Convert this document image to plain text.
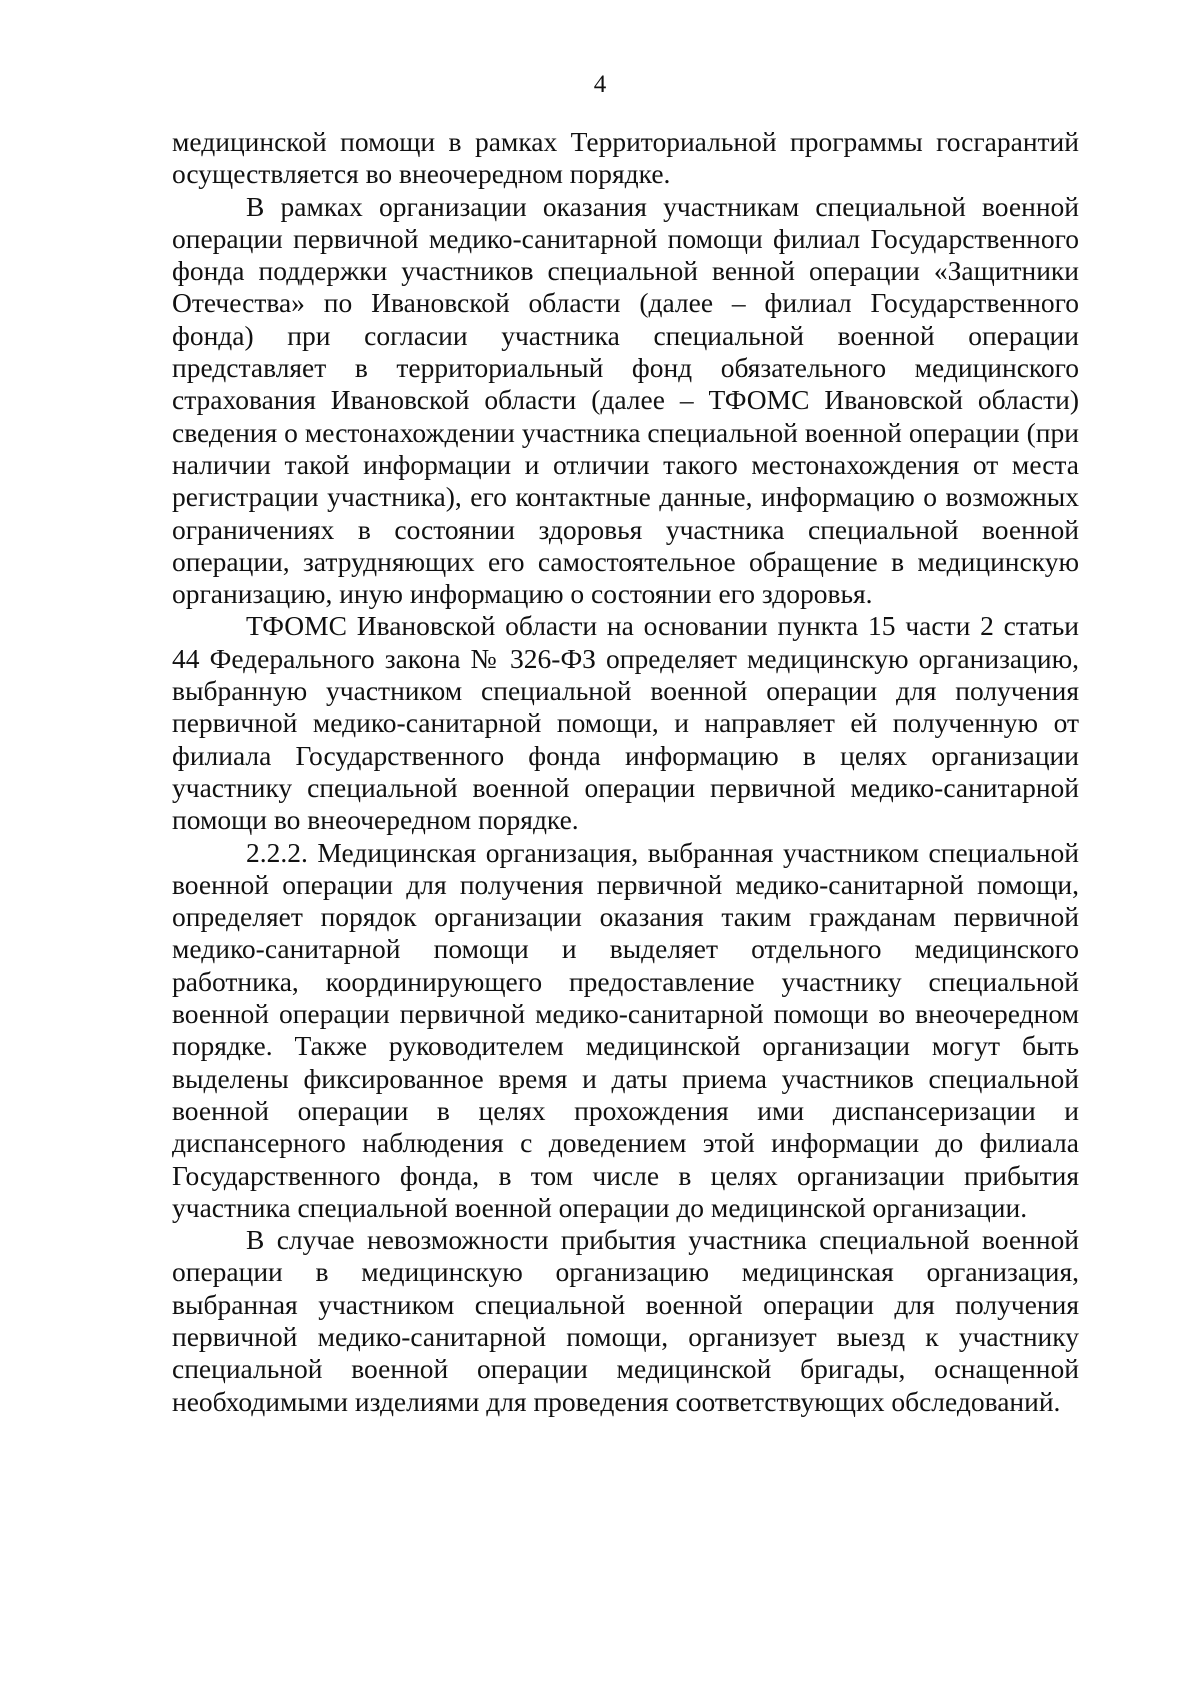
4

медицинской помощи в рамках Территориальной программы госгарантий осуществляется во внеочередном порядке.

В рамках организации оказания участникам специальной военной операции первичной медико-санитарной помощи филиал Государственного фонда поддержки участников специальной венной операции «Защитники Отечества» по Ивановской области (далее – филиал Государственного фонда) при согласии участника специальной военной операции представляет в территориальный фонд обязательного медицинского страхования Ивановской области (далее – ТФОМС Ивановской области) сведения о местонахождении участника специальной военной операции (при наличии такой информации и отличии такого местонахождения от места регистрации участника), его контактные данные, информацию о возможных ограничениях в состоянии здоровья участника специальной военной операции, затрудняющих его самостоятельное обращение в медицинскую организацию, иную информацию о состоянии его здоровья.

ТФОМС Ивановской области на основании пункта 15 части 2 статьи 44 Федерального закона № 326-ФЗ определяет медицинскую организацию, выбранную участником специальной военной операции для получения первичной медико-санитарной помощи, и направляет ей полученную от филиала Государственного фонда информацию в целях организации участнику специальной военной операции первичной медико-санитарной помощи во внеочередном порядке.

2.2.2. Медицинская организация, выбранная участником специальной военной операции для получения первичной медико-санитарной помощи, определяет порядок организации оказания таким гражданам первичной медико-санитарной помощи и выделяет отдельного медицинского работника, координирующего предоставление участнику специальной военной операции первичной медико-санитарной помощи во внеочередном порядке. Также руководителем медицинской организации могут быть выделены фиксированное время и даты приема участников специальной военной операции в целях прохождения ими диспансеризации и диспансерного наблюдения с доведением этой информации до филиала Государственного фонда, в том числе в целях организации прибытия участника специальной военной операции до медицинской организации.

В случае невозможности прибытия участника специальной военной операции в медицинскую организацию медицинская организация, выбранная участником специальной военной операции для получения первичной медико-санитарной помощи, организует выезд к участнику специальной военной операции медицинской бригады, оснащенной необходимыми изделиями для проведения соответствующих обследований.
